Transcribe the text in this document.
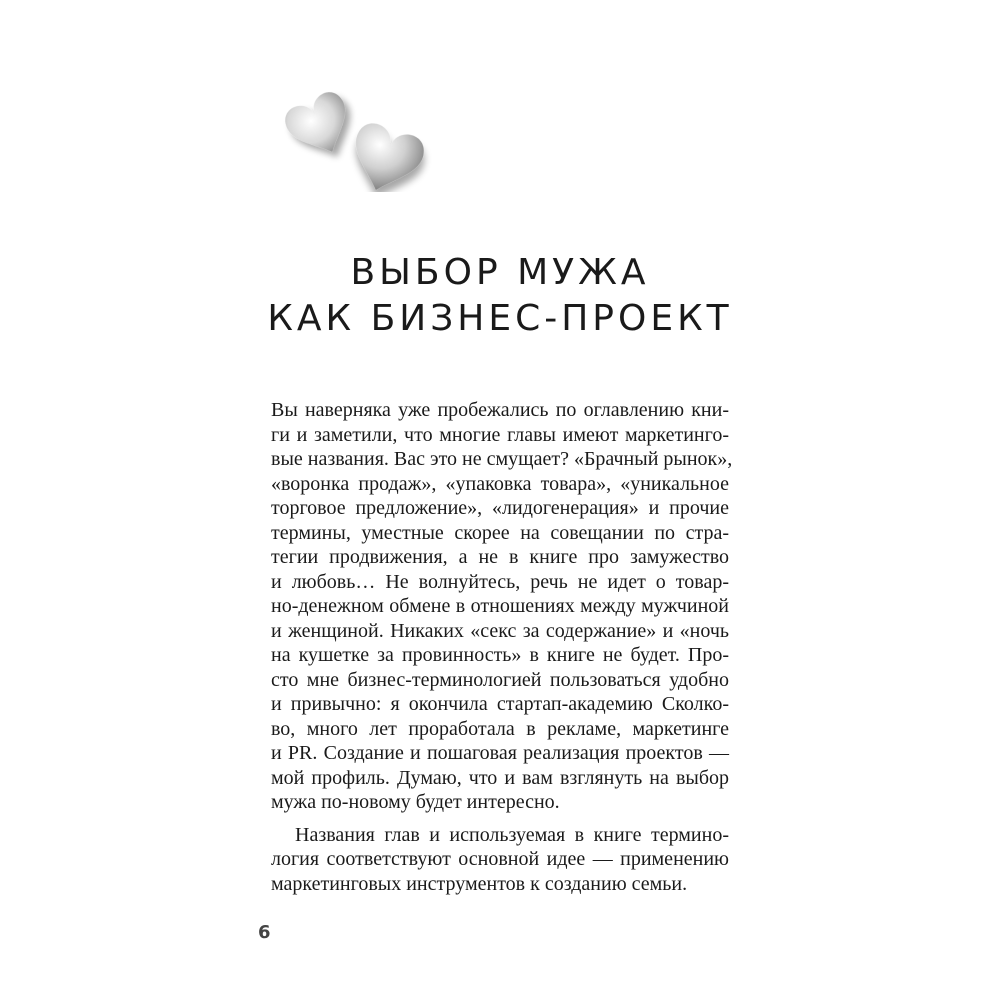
ВЫБОР МУЖА
КАК БИЗНЕС-ПРОЕКТ

Вы наверняка уже пробежались по оглавлению кни-
ги и заметили, что многие главы имеют маркетинго-
вые названия. Вас это не смущает? «Брачный рынок»,
«воронка продаж», «упаковка товара», «уникальное
торговое предложение», «лидогенерация» и прочие
термины, уместные скорее на совещании по стра-
тегии продвижения, а не в книге про замужество
и любовь… Не волнуйтесь, речь не идет о товар-
но-денежном обмене в отношениях между мужчиной
и женщиной. Никаких «секс за содержание» и «ночь
на кушетке за провинность» в книге не будет. Про-
сто мне бизнес-терминологией пользоваться удобно
и привычно: я окончила стартап-академию Сколко-
во, много лет проработала в рекламе, маркетинге
и PR. Создание и пошаговая реализация проектов —
мой профиль. Думаю, что и вам взглянуть на выбор
мужа по-новому будет интересно.

Названия глав и используемая в книге термино-
логия соответствуют основной идее — применению
маркетинговых инструментов к созданию семьи.

6
